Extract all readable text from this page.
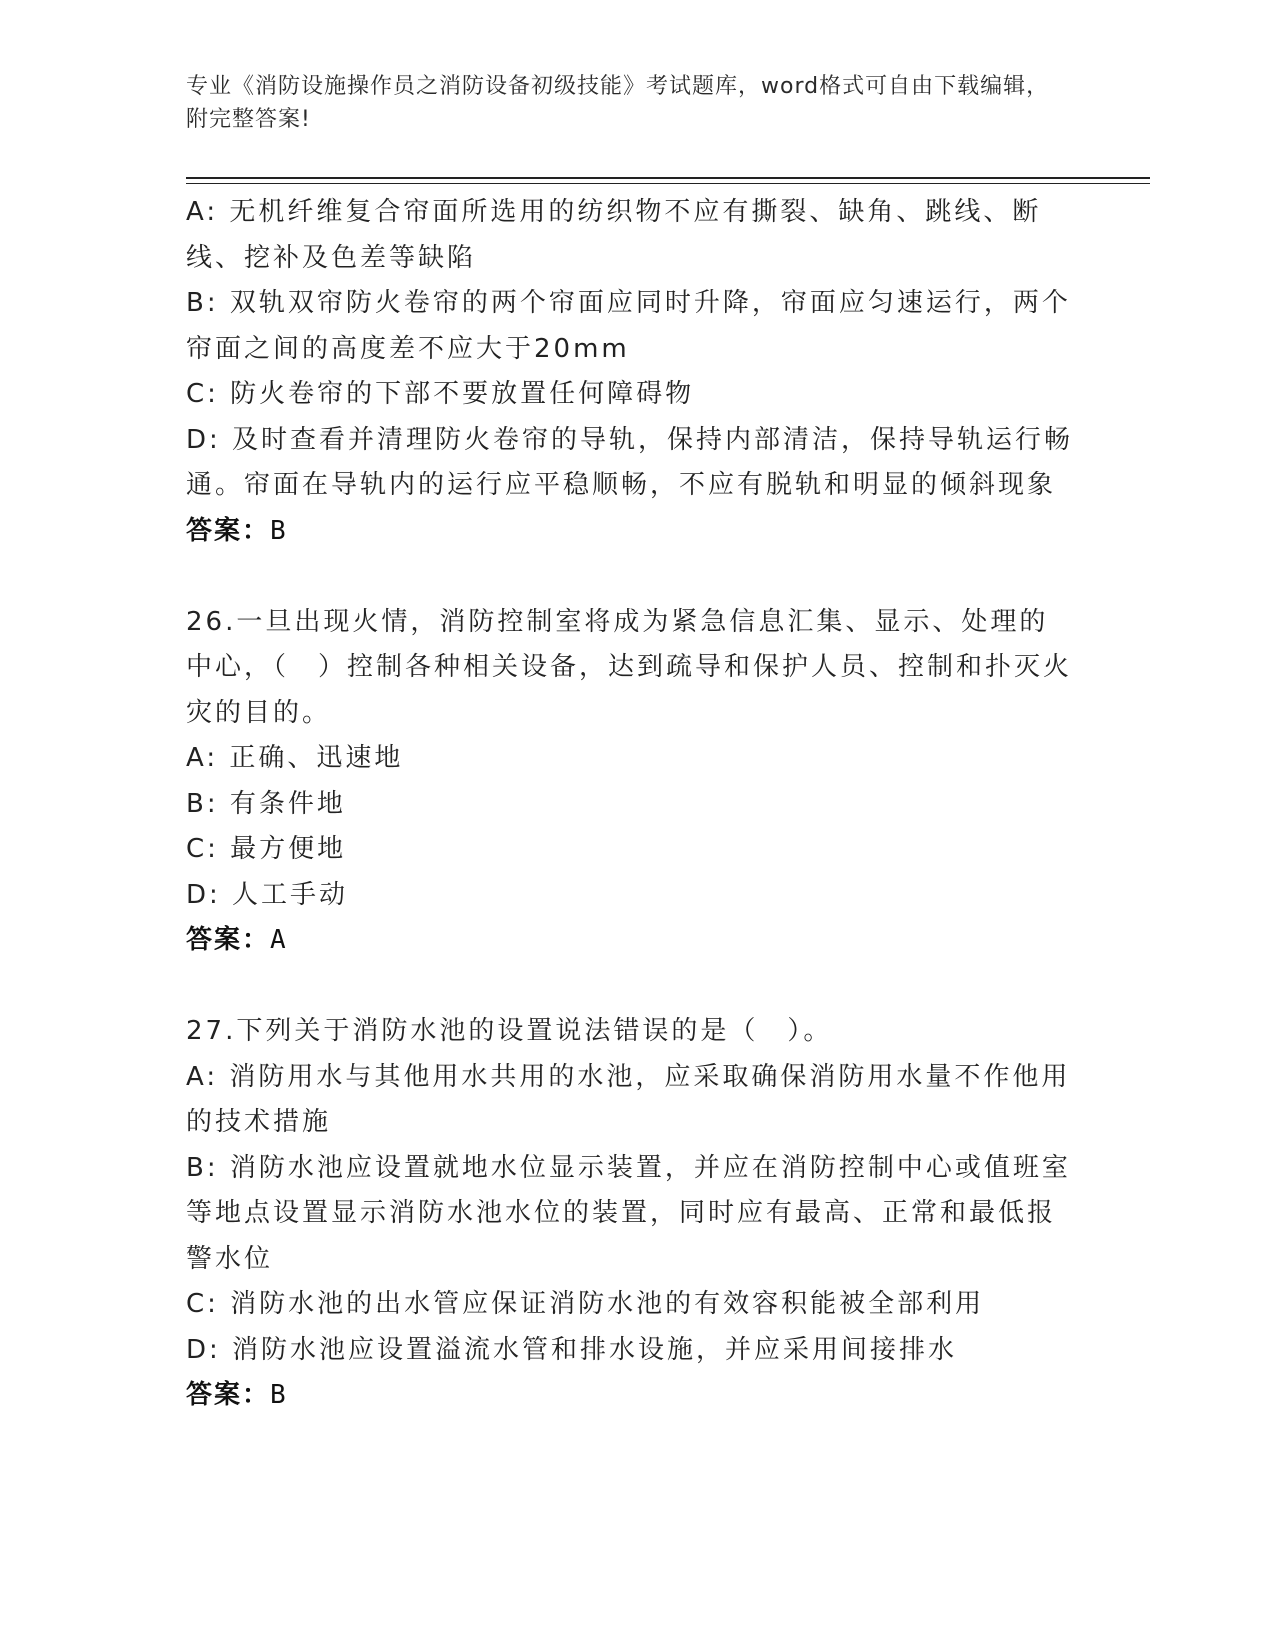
专业《消防设施操作员之消防设备初级技能》考试题库，word格式可自由下载编辑，附完整答案!
A: 无机纤维复合帘面所选用的纺织物不应有撕裂、缺角、跳线、断线、挖补及色差等缺陷
B: 双轨双帘防火卷帘的两个帘面应同时升降，帘面应匀速运行，两个帘面之间的高度差不应大于20mm
C: 防火卷帘的下部不要放置任何障碍物
D: 及时查看并清理防火卷帘的导轨，保持内部清洁，保持导轨运行畅通。帘面在导轨内的运行应平稳顺畅，不应有脱轨和明显的倾斜现象
答案：B
26.一旦出现火情，消防控制室将成为紧急信息汇集、显示、处理的中心，（　）控制各种相关设备，达到疏导和保护人员、控制和扑灭火灾的目的。
A: 正确、迅速地
B: 有条件地
C: 最方便地
D: 人工手动
答案：A
27.下列关于消防水池的设置说法错误的是（　）。
A: 消防用水与其他用水共用的水池，应采取确保消防用水量不作他用的技术措施
B: 消防水池应设置就地水位显示装置，并应在消防控制中心或值班室等地点设置显示消防水池水位的装置，同时应有最高、正常和最低报警水位
C: 消防水池的出水管应保证消防水池的有效容积能被全部利用
D: 消防水池应设置溢流水管和排水设施，并应采用间接排水
答案：B
